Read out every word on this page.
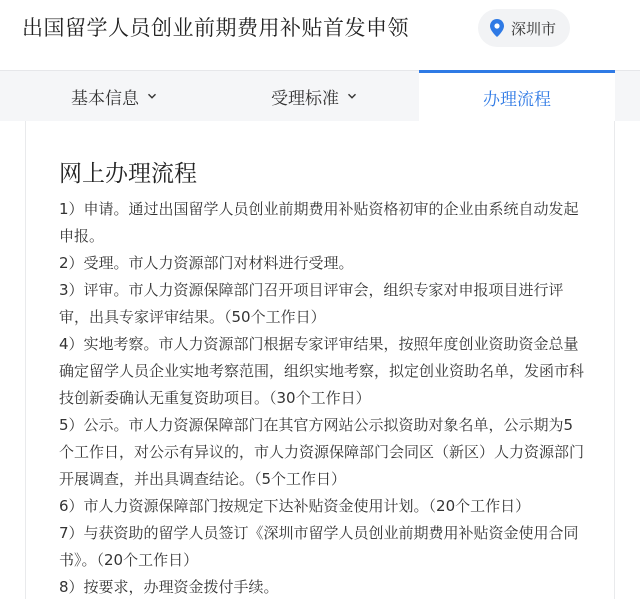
出国留学人员创业前期费用补贴首发申领	深圳市
基本信息	受理标准	办理流程
网上办理流程

1）申请。通过出国留学人员创业前期费用补贴资格初审的企业由系统自动发起申报。

2）受理。市人力资源部门对材料进行受理。

3）评审。市人力资源保障部门召开项目评审会，组织专家对申报项目进行评审，出具专家评审结果。（50个工作日）

4）实地考察。市人力资源部门根据专家评审结果，按照年度创业资助资金总量确定留学人员企业实地考察范围，组织实地考察，拟定创业资助名单，发函市科技创新委确认无重复资助项目。（30个工作日）

5）公示。市人力资源保障部门在其官方网站公示拟资助对象名单，公示期为5个工作日，对公示有异议的，市人力资源保障部门会同区（新区）人力资源部门开展调查，并出具调查结论。（5个工作日）

6）市人力资源保障部门按规定下达补贴资金使用计划。（20个工作日）

7）与获资助的留学人员签订《深圳市留学人员创业前期费用补贴资金使用合同书》。（20个工作日）

8）按要求，办理资金拨付手续。
